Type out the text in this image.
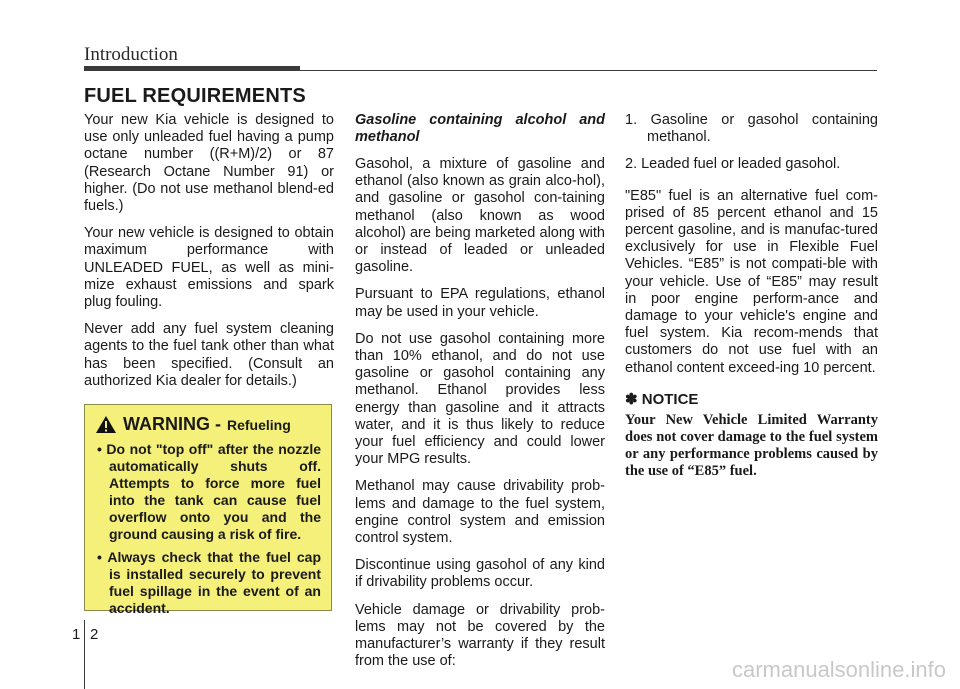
Introduction
FUEL REQUIREMENTS

Your new Kia vehicle is designed to use only unleaded fuel having a pump octane number ((R+M)/2) or 87 (Research Octane Number 91) or higher. (Do not use methanol blend-ed fuels.)

Your new vehicle is designed to obtain maximum performance with UNLEADED FUEL, as well as mini-mize exhaust emissions and spark plug fouling.

Never add any fuel system cleaning agents to the fuel tank other than what has been specified. (Consult an authorized Kia dealer for details.)

WARNING - Refueling
• Do not "top off" after the nozzle automatically shuts off. Attempts to force more fuel into the tank can cause fuel overflow onto you and the ground causing a risk of fire.
• Always check that the fuel cap is installed securely to prevent fuel spillage in the event of an accident.

Gasoline containing alcohol and methanol

Gasohol, a mixture of gasoline and ethanol (also known as grain alco-hol), and gasoline or gasohol con-taining methanol (also known as wood alcohol) are being marketed along with or instead of leaded or unleaded gasoline.

Pursuant to EPA regulations, ethanol may be used in your vehicle.

Do not use gasohol containing more than 10% ethanol, and do not use gasoline or gasohol containing any methanol. Ethanol provides less energy than gasoline and it attracts water, and it is thus likely to reduce your fuel efficiency and could lower your MPG results.

Methanol may cause drivability prob-lems and damage to the fuel system, engine control system and emission control system.

Discontinue using gasohol of any kind if drivability problems occur.

Vehicle damage or drivability prob-lems may not be covered by the manufacturer’s warranty if they result from the use of:

1. Gasoline or gasohol containing methanol.

2. Leaded fuel or leaded gasohol.

"E85" fuel is an alternative fuel com-prised of 85 percent ethanol and 15 percent gasoline, and is manufac-tured exclusively for use in Flexible Fuel Vehicles. “E85” is not compati-ble with your vehicle. Use of “E85” may result in poor engine perform-ance and damage to your vehicle's engine and fuel system. Kia recom-mends that customers do not use fuel with an ethanol content exceed-ing 10 percent.

✽ NOTICE

Your New Vehicle Limited Warranty does not cover damage to the fuel system or any performance problems caused by the use of “E85” fuel.

1 2
carmanualsonline.info
